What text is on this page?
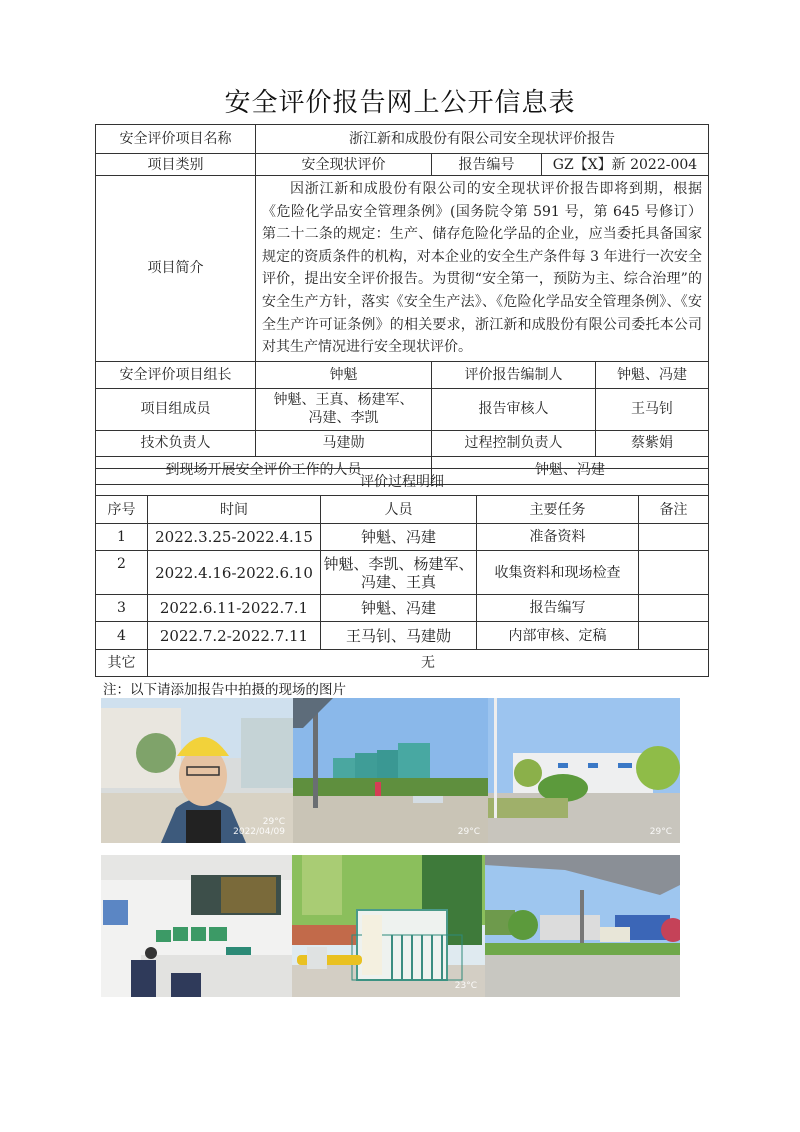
安全评价报告网上公开信息表
安全评价项目名称	浙江新和成股份有限公司安全现状评价报告			
项目类别	安全现状评价	报告编号	GZ【X】新 2022-004	
项目简介	因浙江新和成股份有限公司的安全现状评价报告即将到期，根据《危险化学品安全管理条例》(国务院令第 591 号，第 645 号修订）第二十二条的规定：生产、储存危险化学品的企业，应当委托具备国家规定的资质条件的机构，对本企业的安全生产条件每 3 年进行一次安全评价，提出安全评价报告。为贯彻“安全第一，预防为主、综合治理”的安全生产方针，落实《安全生产法》、《危险化学品安全管理条例》、《安全生产许可证条例》的相关要求，浙江新和成股份有限公司委托本公司对其生产情况进行安全现状评价。			
安全评价项目组长	钟魁	评价报告编制人		钟魁、冯建
项目组成员	钟魁、王真、杨建军、冯建、李凯	报告审核人		王马钊
技术负责人	马建勋	过程控制负责人		蔡紫娟
到现场开展安全评价工作的人员		钟魁、冯建		
评价过程明细				
序号	时间	人员	主要任务	备注
1	2022.3.25-2022.4.15	钟魁、冯建	准备资料	
2	2022.4.16-2022.6.10	钟魁、李凯、杨建军、冯建、王真	收集资料和现场检查	
3	2022.6.11-2022.7.1	钟魁、冯建	报告编写	
4	2022.7.2-2022.7.11	王马钊、马建勋	内部审核、定稿	
其它	无			
注：以下请添加报告中拍摄的现场的图片
29°C
2022/04/09	29°C	29°C
23°C
